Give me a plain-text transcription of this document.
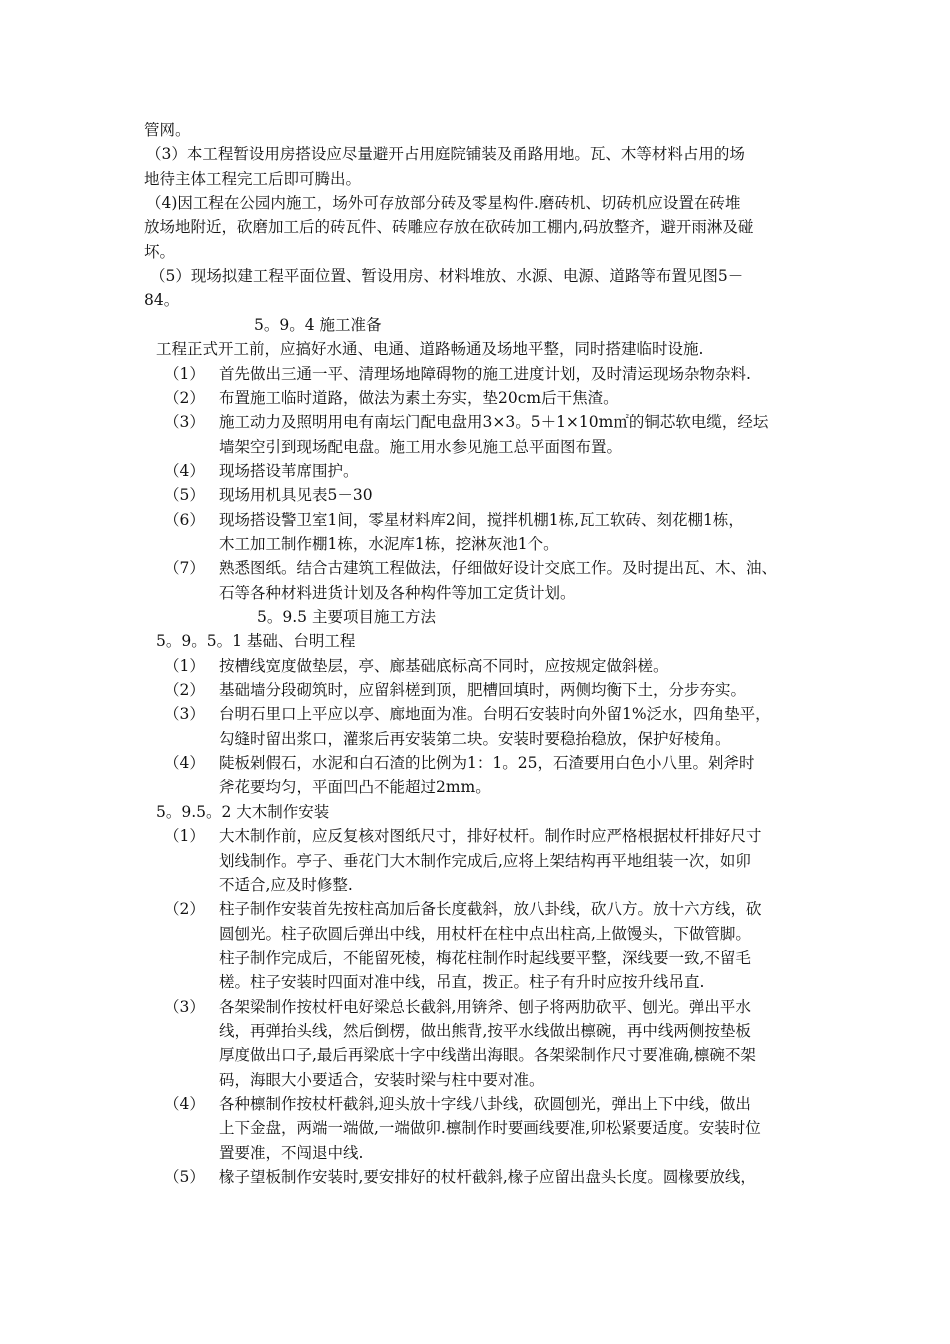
管网。
（3）本工程暂设用房搭设应尽量避开占用庭院铺装及甬路用地。瓦、木等材料占用的场
地待主体工程完工后即可腾出。
（4)因工程在公园内施工，场外可存放部分砖及零星构件.磨砖机、切砖机应设置在砖堆
放场地附近，砍磨加工后的砖瓦件、砖雕应存放在砍砖加工棚内,码放整齐，避开雨淋及碰
坏。
（5）现场拟建工程平面位置、暂设用房、材料堆放、水源、电源、道路等布置见图5－
84。
5。9。4 施工准备
工程正式开工前，应搞好水通、电通、道路畅通及场地平整，同时搭建临时设施.
（1） 首先做出三通一平、清理场地障碍物的施工进度计划，及时清运现场杂物杂料.
（2） 布置施工临时道路，做法为素土夯实，垫20cm后干焦渣。
（3） 施工动力及照明用电有南坛门配电盘用3×3。5＋1×10m㎡的铜芯软电缆，经坛
墙架空引到现场配电盘。施工用水参见施工总平面图布置。
（4） 现场搭设苇席围护。
（5） 现场用机具见表5－30
（6） 现场搭设警卫室1间，零星材料库2间，搅拌机棚1栋,瓦工软砖、刻花棚1栋，
木工加工制作棚1栋，水泥库1栋，挖淋灰池1个。
（7） 熟悉图纸。结合古建筑工程做法，仔细做好设计交底工作。及时提出瓦、木、油、
石等各种材料进货计划及各种构件等加工定货计划。
5。9.5 主要项目施工方法
5。9。5。1 基础、台明工程
（1） 按槽线宽度做垫层，亭、廊基础底标高不同时，应按规定做斜槎。
（2） 基础墙分段砌筑时，应留斜槎到顶，肥槽回填时，两侧均衡下土，分步夯实。
（3） 台明石里口上平应以亭、廊地面为准。台明石安装时向外留1%泛水，四角垫平，
勾缝时留出浆口，灌浆后再安装第二块。安装时要稳抬稳放，保护好棱角。
（4） 陡板剁假石，水泥和白石渣的比例为1：1。25，石渣要用白色小八里。剁斧时
斧花要均匀，平面凹凸不能超过2mm。
5。9.5。2 大木制作安装
（1） 大木制作前，应反复核对图纸尺寸，排好杖杆。制作时应严格根据杖杆排好尺寸
划线制作。亭子、垂花门大木制作完成后,应将上架结构再平地组装一次，如卯
不适合,应及时修整.
（2） 柱子制作安装首先按柱高加后备长度截斜，放八卦线，砍八方。放十六方线，砍
圆刨光。柱子砍圆后弹出中线，用杖杆在柱中点出柱高,上做馒头，下做管脚。
柱子制作完成后，不能留死棱，梅花柱制作时起线要平整，深线要一致,不留毛
槎。柱子安装时四面对准中线，吊直，拨正。柱子有升时应按升线吊直.
（3） 各架梁制作按杖杆电好梁总长截斜,用锛斧、刨子将两肋砍平、刨光。弹出平水
线，再弹抬头线，然后倒楞，做出熊背,按平水线做出檩碗，再中线两侧按垫板
厚度做出口子,最后再梁底十字中线凿出海眼。各架梁制作尺寸要准确,檩碗不架
码，海眼大小要适合，安装时梁与柱中要对准。
（4） 各种檩制作按杖杆截斜,迎头放十字线八卦线，砍圆刨光，弹出上下中线，做出
上下金盘，两端一端做,一端做卯.檩制作时要画线要准,卯松紧要适度。安装时位
置要准，不闯退中线.
（5） 椽子望板制作安装时,要安排好的杖杆截斜,椽子应留出盘头长度。圆椽要放线，
